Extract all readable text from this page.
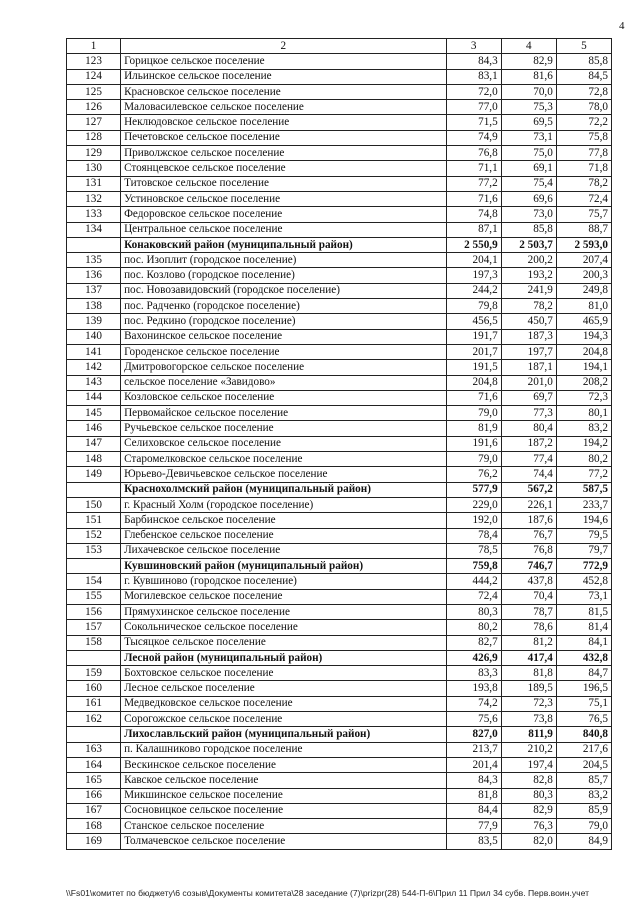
4
1	2	3	4	5
123	Горицкое сельское поселение	84,3	82,9	85,8
124	Ильинское сельское поселение	83,1	81,6	84,5
125	Красновское сельское поселение	72,0	70,0	72,8
126	Маловасилевское сельское поселение	77,0	75,3	78,0
127	Неклюдовское сельское поселение	71,5	69,5	72,2
128	Печетовское сельское поселение	74,9	73,1	75,8
129	Приволжское сельское поселение	76,8	75,0	77,8
130	Стоянцевское сельское поселение	71,1	69,1	71,8
131	Титовское сельское поселение	77,2	75,4	78,2
132	Устиновское сельское поселение	71,6	69,6	72,4
133	Федоровское сельское поселение	74,8	73,0	75,7
134	Центральное сельское поселение	87,1	85,8	88,7
	Конаковский район (муниципальный район)	2 550,9	2 503,7	2 593,0
135	пос. Изоплит (городское поселение)	204,1	200,2	207,4
136	пос. Козлово (городское поселение)	197,3	193,2	200,3
137	пос. Новозавидовский (городское поселение)	244,2	241,9	249,8
138	пос. Радченко (городское поселение)	79,8	78,2	81,0
139	пос. Редкино (городское поселение)	456,5	450,7	465,9
140	Вахонинское сельское поселение	191,7	187,3	194,3
141	Городенское сельское поселение	201,7	197,7	204,8
142	Дмитровогорское сельское поселение	191,5	187,1	194,1
143	сельское поселение «Завидово»	204,8	201,0	208,2
144	Козловское сельское поселение	71,6	69,7	72,3
145	Первомайское сельское поселение	79,0	77,3	80,1
146	Ручьевское сельское поселение	81,9	80,4	83,2
147	Селиховское сельское поселение	191,6	187,2	194,2
148	Старомелковское сельское поселение	79,0	77,4	80,2
149	Юрьево-Девичьевское сельское поселение	76,2	74,4	77,2
	Краснохолмский район (муниципальный район)	577,9	567,2	587,5
150	г. Красный Холм (городское поселение)	229,0	226,1	233,7
151	Барбинское сельское поселение	192,0	187,6	194,6
152	Глебенское сельское поселение	78,4	76,7	79,5
153	Лихачевское сельское поселение	78,5	76,8	79,7
	Кувшиновский район (муниципальный район)	759,8	746,7	772,9
154	г. Кувшиново (городское поселение)	444,2	437,8	452,8
155	Могилевское сельское поселение	72,4	70,4	73,1
156	Прямухинское сельское поселение	80,3	78,7	81,5
157	Сокольническое сельское поселение	80,2	78,6	81,4
158	Тысяцкое сельское поселение	82,7	81,2	84,1
	Лесной район (муниципальный район)	426,9	417,4	432,8
159	Бохтовское сельское поселение	83,3	81,8	84,7
160	Лесное сельское поселение	193,8	189,5	196,5
161	Медведковское сельское поселение	74,2	72,3	75,1
162	Сорогожское сельское поселение	75,6	73,8	76,5
	Лихославльский район (муниципальный район)	827,0	811,9	840,8
163	п. Калашниково городское поселение	213,7	210,2	217,6
164	Вескинское сельское поселение	201,4	197,4	204,5
165	Кавское сельское поселение	84,3	82,8	85,7
166	Микшинское сельское поселение	81,8	80,3	83,2
167	Сосновицкое сельское поселение	84,4	82,9	85,9
168	Станское сельское поселение	77,9	76,3	79,0
169	Толмачевское сельское поселение	83,5	82,0	84,9
\\Fs01\комитет по бюджету\6 созыв\Документы комитета\28 заседание (7)\prizpr(28) 544-П-6\Прил 11 Прил 34 субв. Перв.воин.учет
